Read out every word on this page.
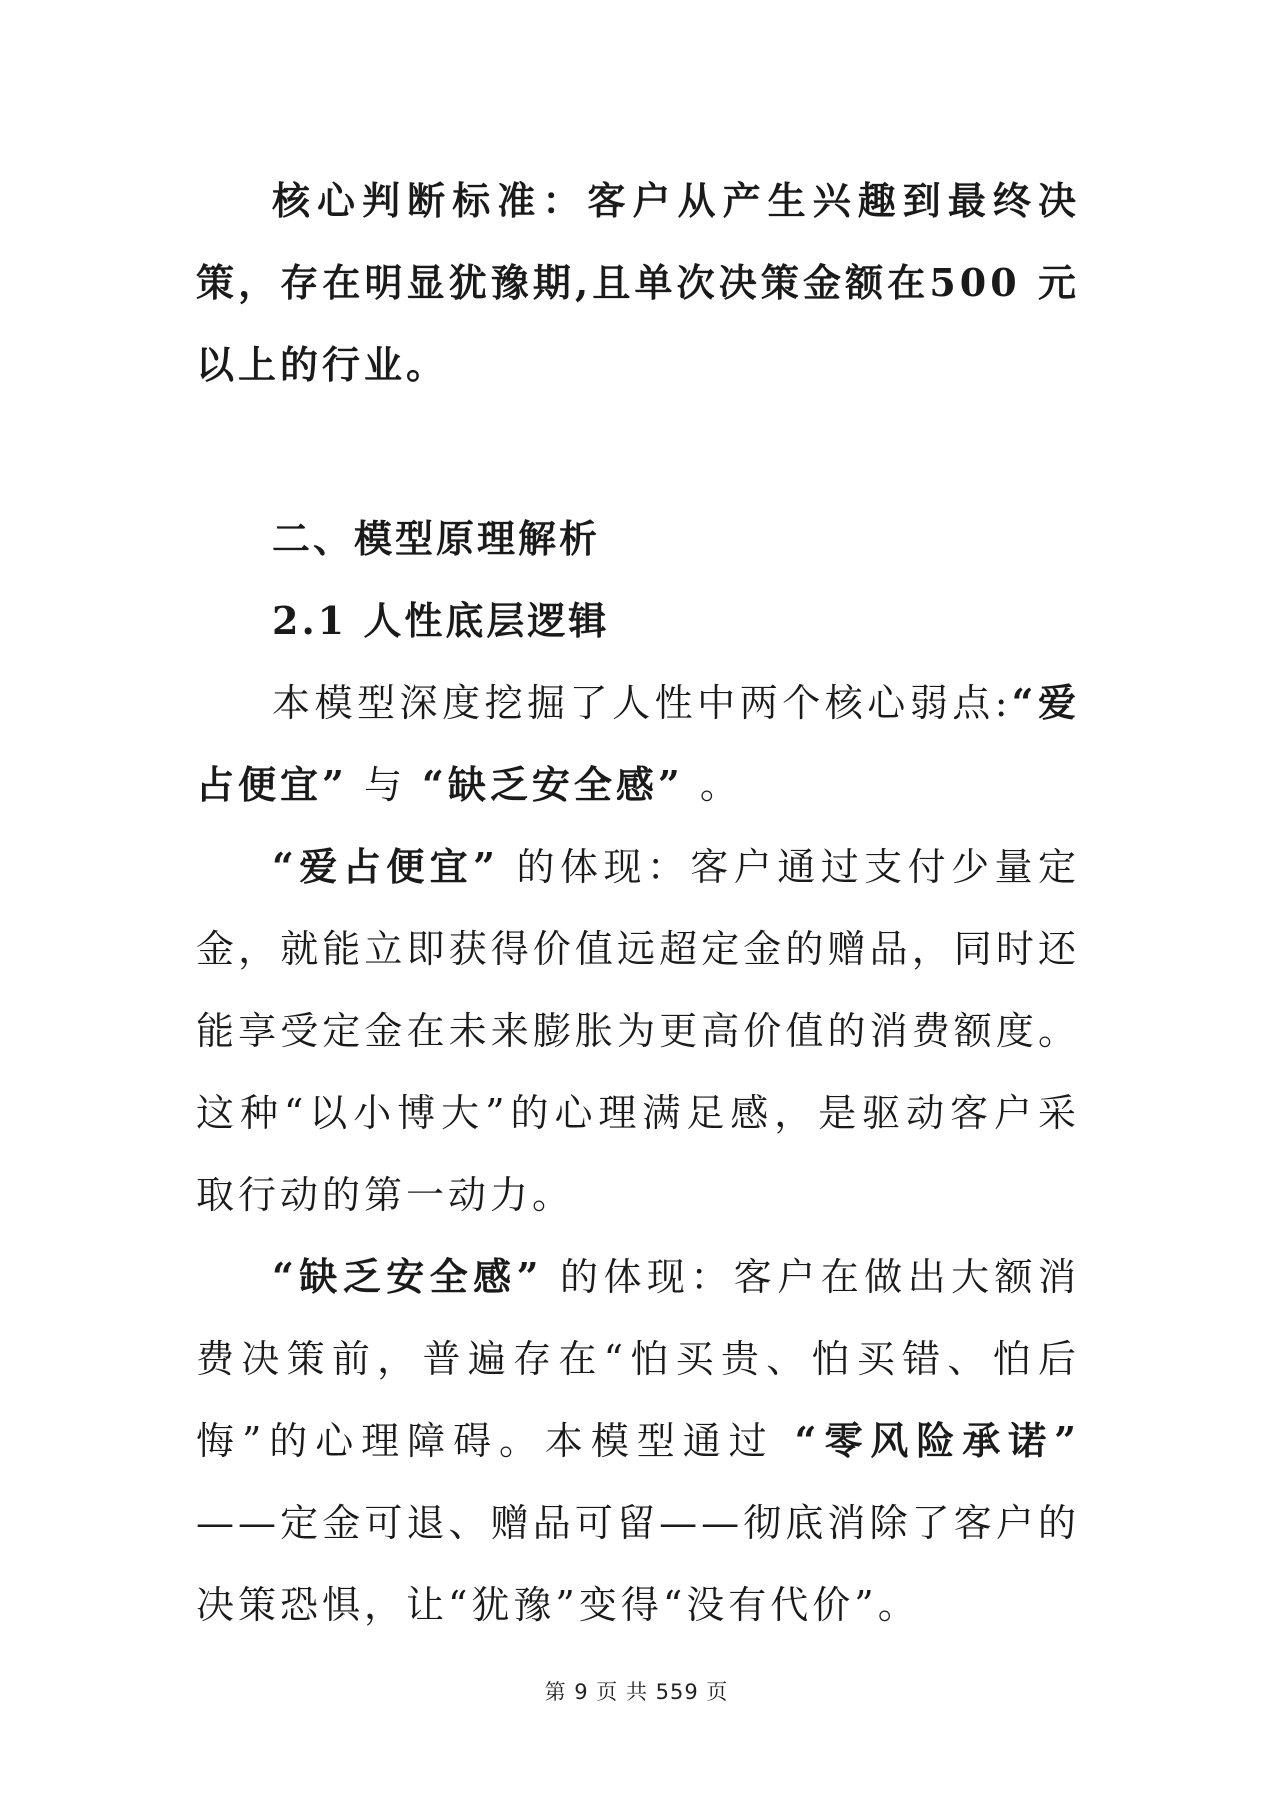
核心判断标准：客户从产生兴趣到最终决策，存在明显犹豫期,且单次决策金额在500 元以上的行业。

二、模型原理解析

2.1 人性底层逻辑

本模型深度挖掘了人性中两个核心弱点:“爱占便宜” 与 “缺乏安全感” 。

“爱占便宜” 的体现：客户通过支付少量定金，就能立即获得价值远超定金的赠品，同时还能享受定金在未来膨胀为更高价值的消费额度。这种“以小博大”的心理满足感，是驱动客户采取行动的第一动力。

“缺乏安全感” 的体现：客户在做出大额消费决策前，普遍存在“怕买贵、怕买错、怕后悔”的心理障碍。本模型通过 “零风险承诺” ——定金可退、赠品可留——彻底消除了客户的决策恐惧，让“犹豫”变得“没有代价”。

第 9 页 共 559 页
